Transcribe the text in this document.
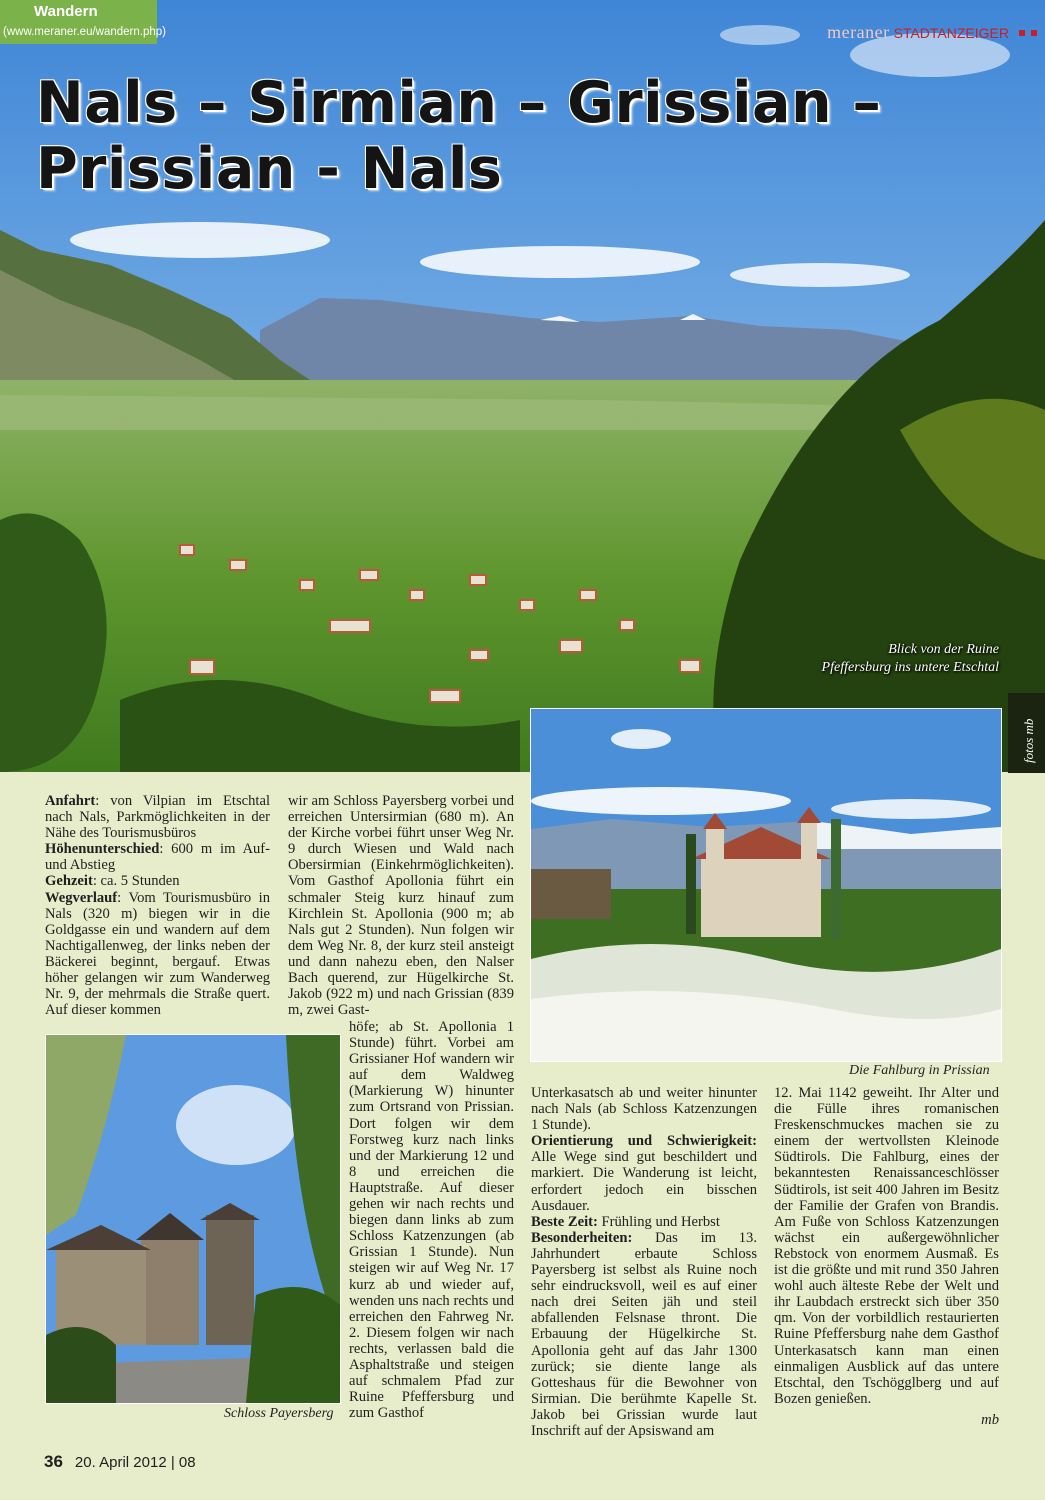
Wandern
(www.meraner.eu/wandern.php)	meraner STADTANZEIGER
Nals – Sirmian – Grissian –
Prissian - Nals
Blick von der Ruine
Pfeffersburg ins untere Etschtal
fotos mb
Die Fahlburg in Prissian
Schloss Payersberg

Anfahrt: von Vilpian im Etschtal nach Nals, Parkmöglichkeiten in der Nähe des Tourismusbüros

Höhenunterschied: 600 m im Auf- und Abstieg

Gehzeit: ca. 5 Stunden

Wegverlauf: Vom Tourismusbüro in Nals (320 m) biegen wir in die Goldgasse ein und wandern auf dem Nachtigallenweg, der links neben der Bäckerei beginnt, bergauf. Etwas höher gelangen wir zum Wanderweg Nr. 9, der mehrmals die Straße quert. Auf dieser kommen

wir am Schloss Payersberg vorbei und erreichen Untersirmian (680 m). An der Kirche vorbei führt unser Weg Nr. 9 durch Wiesen und Wald nach Obersirmian (Einkehrmöglichkeiten). Vom Gasthof Apollonia führt ein schmaler Steig kurz hinauf zum Kirchlein St. Apollonia (900 m; ab Nals gut 2 Stunden). Nun folgen wir dem Weg Nr. 8, der kurz steil ansteigt und dann nahezu eben, den Nalser Bach querend, zur Hügelkirche St. Jakob (922 m) und nach Grissian (839 m, zwei Gast-
höfe; ab St. Apollonia 1 Stunde) führt. Vorbei am Grissianer Hof wandern wir auf dem Waldweg (Markierung W) hinunter zum Ortsrand von Prissian. Dort folgen wir dem Forstweg kurz nach links und der Markierung 12 und 8 und erreichen die Hauptstraße. Auf dieser gehen wir nach rechts und biegen dann links ab zum Schloss Katzenzungen (ab Grissian 1 Stunde). Nun steigen wir auf Weg Nr. 17 kurz ab und wieder auf, wenden uns nach rechts und erreichen den Fahrweg Nr. 2. Diesem folgen wir nach rechts, verlassen bald die Asphaltstraße und steigen auf schmalem Pfad zur Ruine Pfeffersburg und zum Gasthof

Unterkasatsch ab und weiter hinunter nach Nals (ab Schloss Katzenzungen 1 Stunde).

Orientierung und Schwierigkeit: Alle Wege sind gut beschildert und markiert. Die Wanderung ist leicht, erfordert jedoch ein bisschen Ausdauer.

Beste Zeit: Frühling und Herbst

Besonderheiten: Das im 13. Jahrhundert erbaute Schloss Payersberg ist selbst als Ruine noch sehr eindrucksvoll, weil es auf einer nach drei Seiten jäh und steil abfallenden Felsnase thront. Die Erbauung der Hügelkirche St. Apollonia geht auf das Jahr 1300 zurück; sie diente lange als Gotteshaus für die Bewohner von Sirmian. Die berühmte Kapelle St. Jakob bei Grissian wurde laut Inschrift auf der Apsiswand am

12. Mai 1142 geweiht. Ihr Alter und die Fülle ihres romanischen Freskenschmuckes machen sie zu einem der wertvollsten Kleinode Südtirols. Die Fahlburg, eines der bekanntesten Renaissanceschlösser Südtirols, ist seit 400 Jahren im Besitz der Familie der Grafen von Brandis. Am Fuße von Schloss Katzenzungen wächst ein außergewöhnlicher Rebstock von enormem Ausmaß. Es ist die größte und mit rund 350 Jahren wohl auch älteste Rebe der Welt und ihr Laubdach erstreckt sich über 350 qm. Von der vorbildlich restaurierten Ruine Pfeffersburg nahe dem Gasthof Unterkasatsch kann man einen einmaligen Ausblick auf das untere Etschtal, den Tschögglberg und auf Bozen genießen.

mb

36 20. April 2012 | 08
